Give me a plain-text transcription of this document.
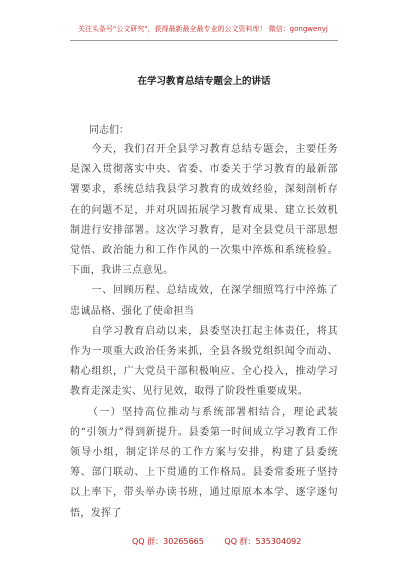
关注头条号"公文研究"，获得最新最全最专业的公文资料库！ 微信：gongwenyj
在学习教育总结专题会上的讲话
同志们：

　　今天，我们召开全县学习教育总结专题会，主要任务是深入贯彻落实中央、省委、市委关于学习教育的最新部署要求，系统总结我县学习教育的成效经验，深刻剖析存在的问题不足，并对巩固拓展学习教育成果、建立长效机制进行安排部署。这次学习教育，是对全县党员干部思想觉悟、政治能力和工作作风的一次集中淬炼和系统检验。下面，我讲三点意见。

　　一、回顾历程、总结成效，在深学细照笃行中淬炼了忠诚品格、强化了使命担当

　　自学习教育启动以来，县委坚决扛起主体责任，将其作为一项重大政治任务来抓，全县各级党组织闻令而动、精心组织，广大党员干部积极响应、全心投入，推动学习教育走深走实、见行见效，取得了阶段性重要成果。

　　（一）坚持高位推动与系统部署相结合，理论武装的“引领力”得到新提升。县委第一时间成立学习教育工作领导小组，制定详尽的工作方案与安排，构建了县委统筹、部门联动、上下贯通的工作格局。县委常委班子坚持以上率下，带头举办读书班，通过原原本本学、逐字逐句悟，发挥了

QQ 群：30265665	QQ 群：535304092
